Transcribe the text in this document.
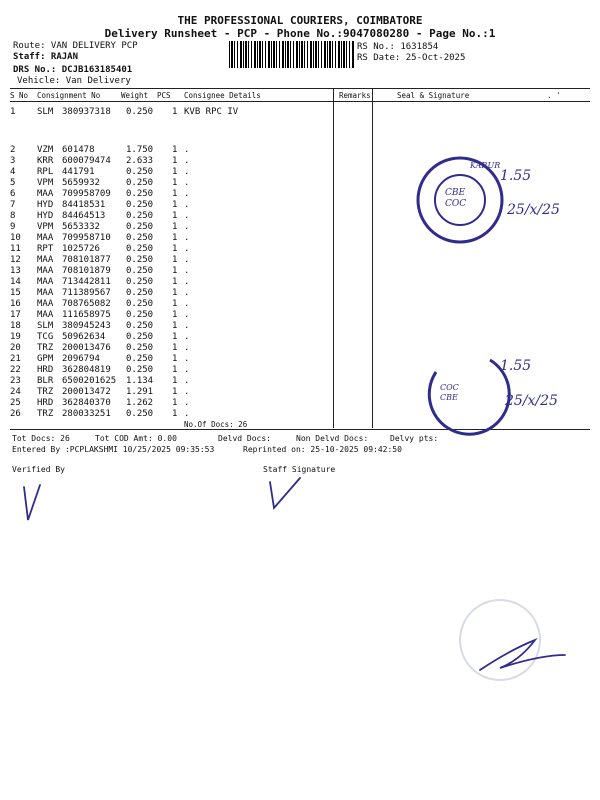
THE PROFESSIONAL COURIERS, COIMBATORE
Delivery Runsheet - PCP - Phone No.:9047080280 - Page No.:1
Route: VAN DELIVERY PCP
Staff: RAJAN
DRS No.: DCJB163185401
Vehicle: Van Delivery
RS No.: 1631854
RS Date: 25-Oct-2025
S No Consignment No	Weight PCS Consignee Details	Remarks	Seal & Signature	. '
1 SLM 380937318 0.250 1 KVB RPC IV
2 VZM 601478	1.750 1 .
3 KRR 600079474 2.633 1 .
4 RPL 441791	0.250 1 .
5 VPM 5659932	0.250 1 .
6 MAA 709958709 0.250 1 .
7 HYD 84418531 0.250 1 .
8 HYD 84464513 0.250 1 .
9 VPM 5653332	0.250 1 .
10 MAA 709958710 0.250 1 .
11 RPT 1025726	0.250 1 .
12 MAA 708101877 0.250 1 .
13 MAA 708101879 0.250 1 .
14 MAA 713442811 0.250 1 .
15 MAA 711389567 0.250 1 .
16 MAA 708765082 0.250 1 .
17 MAA 111658975 0.250 1 .
18 SLM 380945243 0.250 1 .
19 TCG 50962634 0.250 1 .
20 TRZ 200013476 0.250 1 .
21 GPM 2096794	0.250 1 .
22 HRD 362804819 0.250 1 .
23 BLR 6500201625 1.134 1 .
24 TRZ 200013472 1.291 1 .
25 HRD 362840370 1.262 1 .
26 TRZ 280033251 0.250 1 .
No.Of Docs: 26
Tot Docs: 26	Tot COD Amt: 0.00	Delvd Docs:	Non Delvd Docs:	Delvy pts:
Entered By :PCPLAKSHMI 10/25/2025 09:35:53	Reprinted on: 25-10-2025 09:42:50
Verified By	Staff Signature
CBE
COC
KARUR
1.55
25/x/25
COC
CBE
1.55
25/x/25
